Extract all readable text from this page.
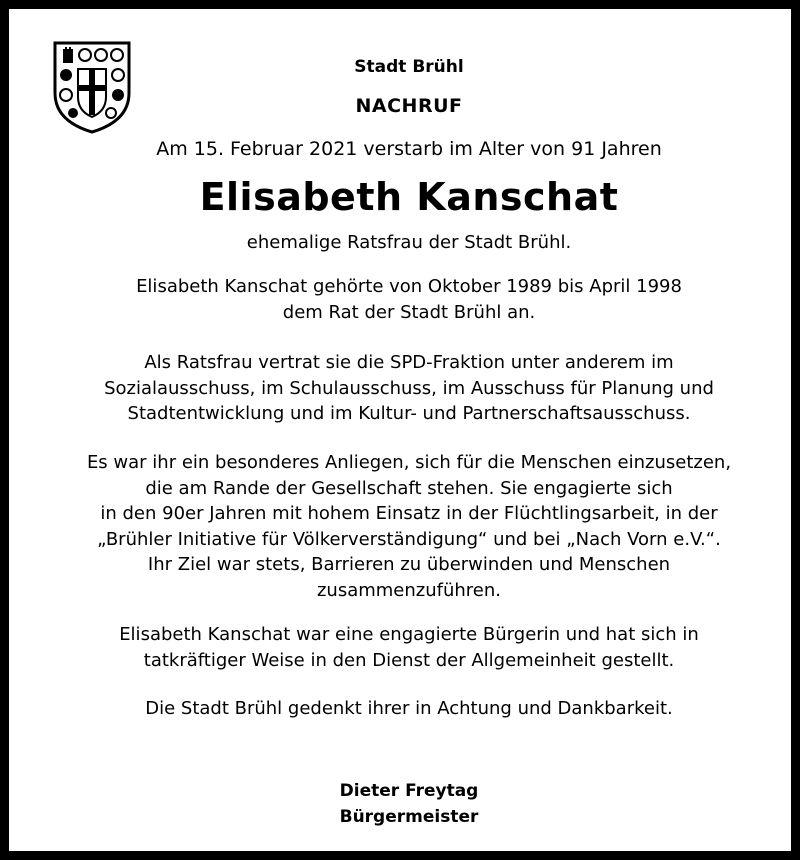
Stadt Brühl
NACHRUF
Am 15. Februar 2021 verstarb im Alter von 91 Jahren
Elisabeth Kanschat
ehemalige Ratsfrau der Stadt Brühl.
Elisabeth Kanschat gehörte von Oktober 1989 bis April 1998
dem Rat der Stadt Brühl an.
Als Ratsfrau vertrat sie die SPD-Fraktion unter anderem im
Sozialausschuss, im Schulausschuss, im Ausschuss für Planung und
Stadtentwicklung und im Kultur- und Partnerschaftsausschuss.
Es war ihr ein besonderes Anliegen, sich für die Menschen einzusetzen,
die am Rande der Gesellschaft stehen. Sie engagierte sich
in den 90er Jahren mit hohem Einsatz in der Flüchtlingsarbeit, in der
„Brühler Initiative für Völkerverständigung“ und bei „Nach Vorn e.V.“.
Ihr Ziel war stets, Barrieren zu überwinden und Menschen
zusammenzuführen.
Elisabeth Kanschat war eine engagierte Bürgerin und hat sich in
tatkräftiger Weise in den Dienst der Allgemeinheit gestellt.
Die Stadt Brühl gedenkt ihrer in Achtung und Dankbarkeit.
Dieter Freytag
Bürgermeister
